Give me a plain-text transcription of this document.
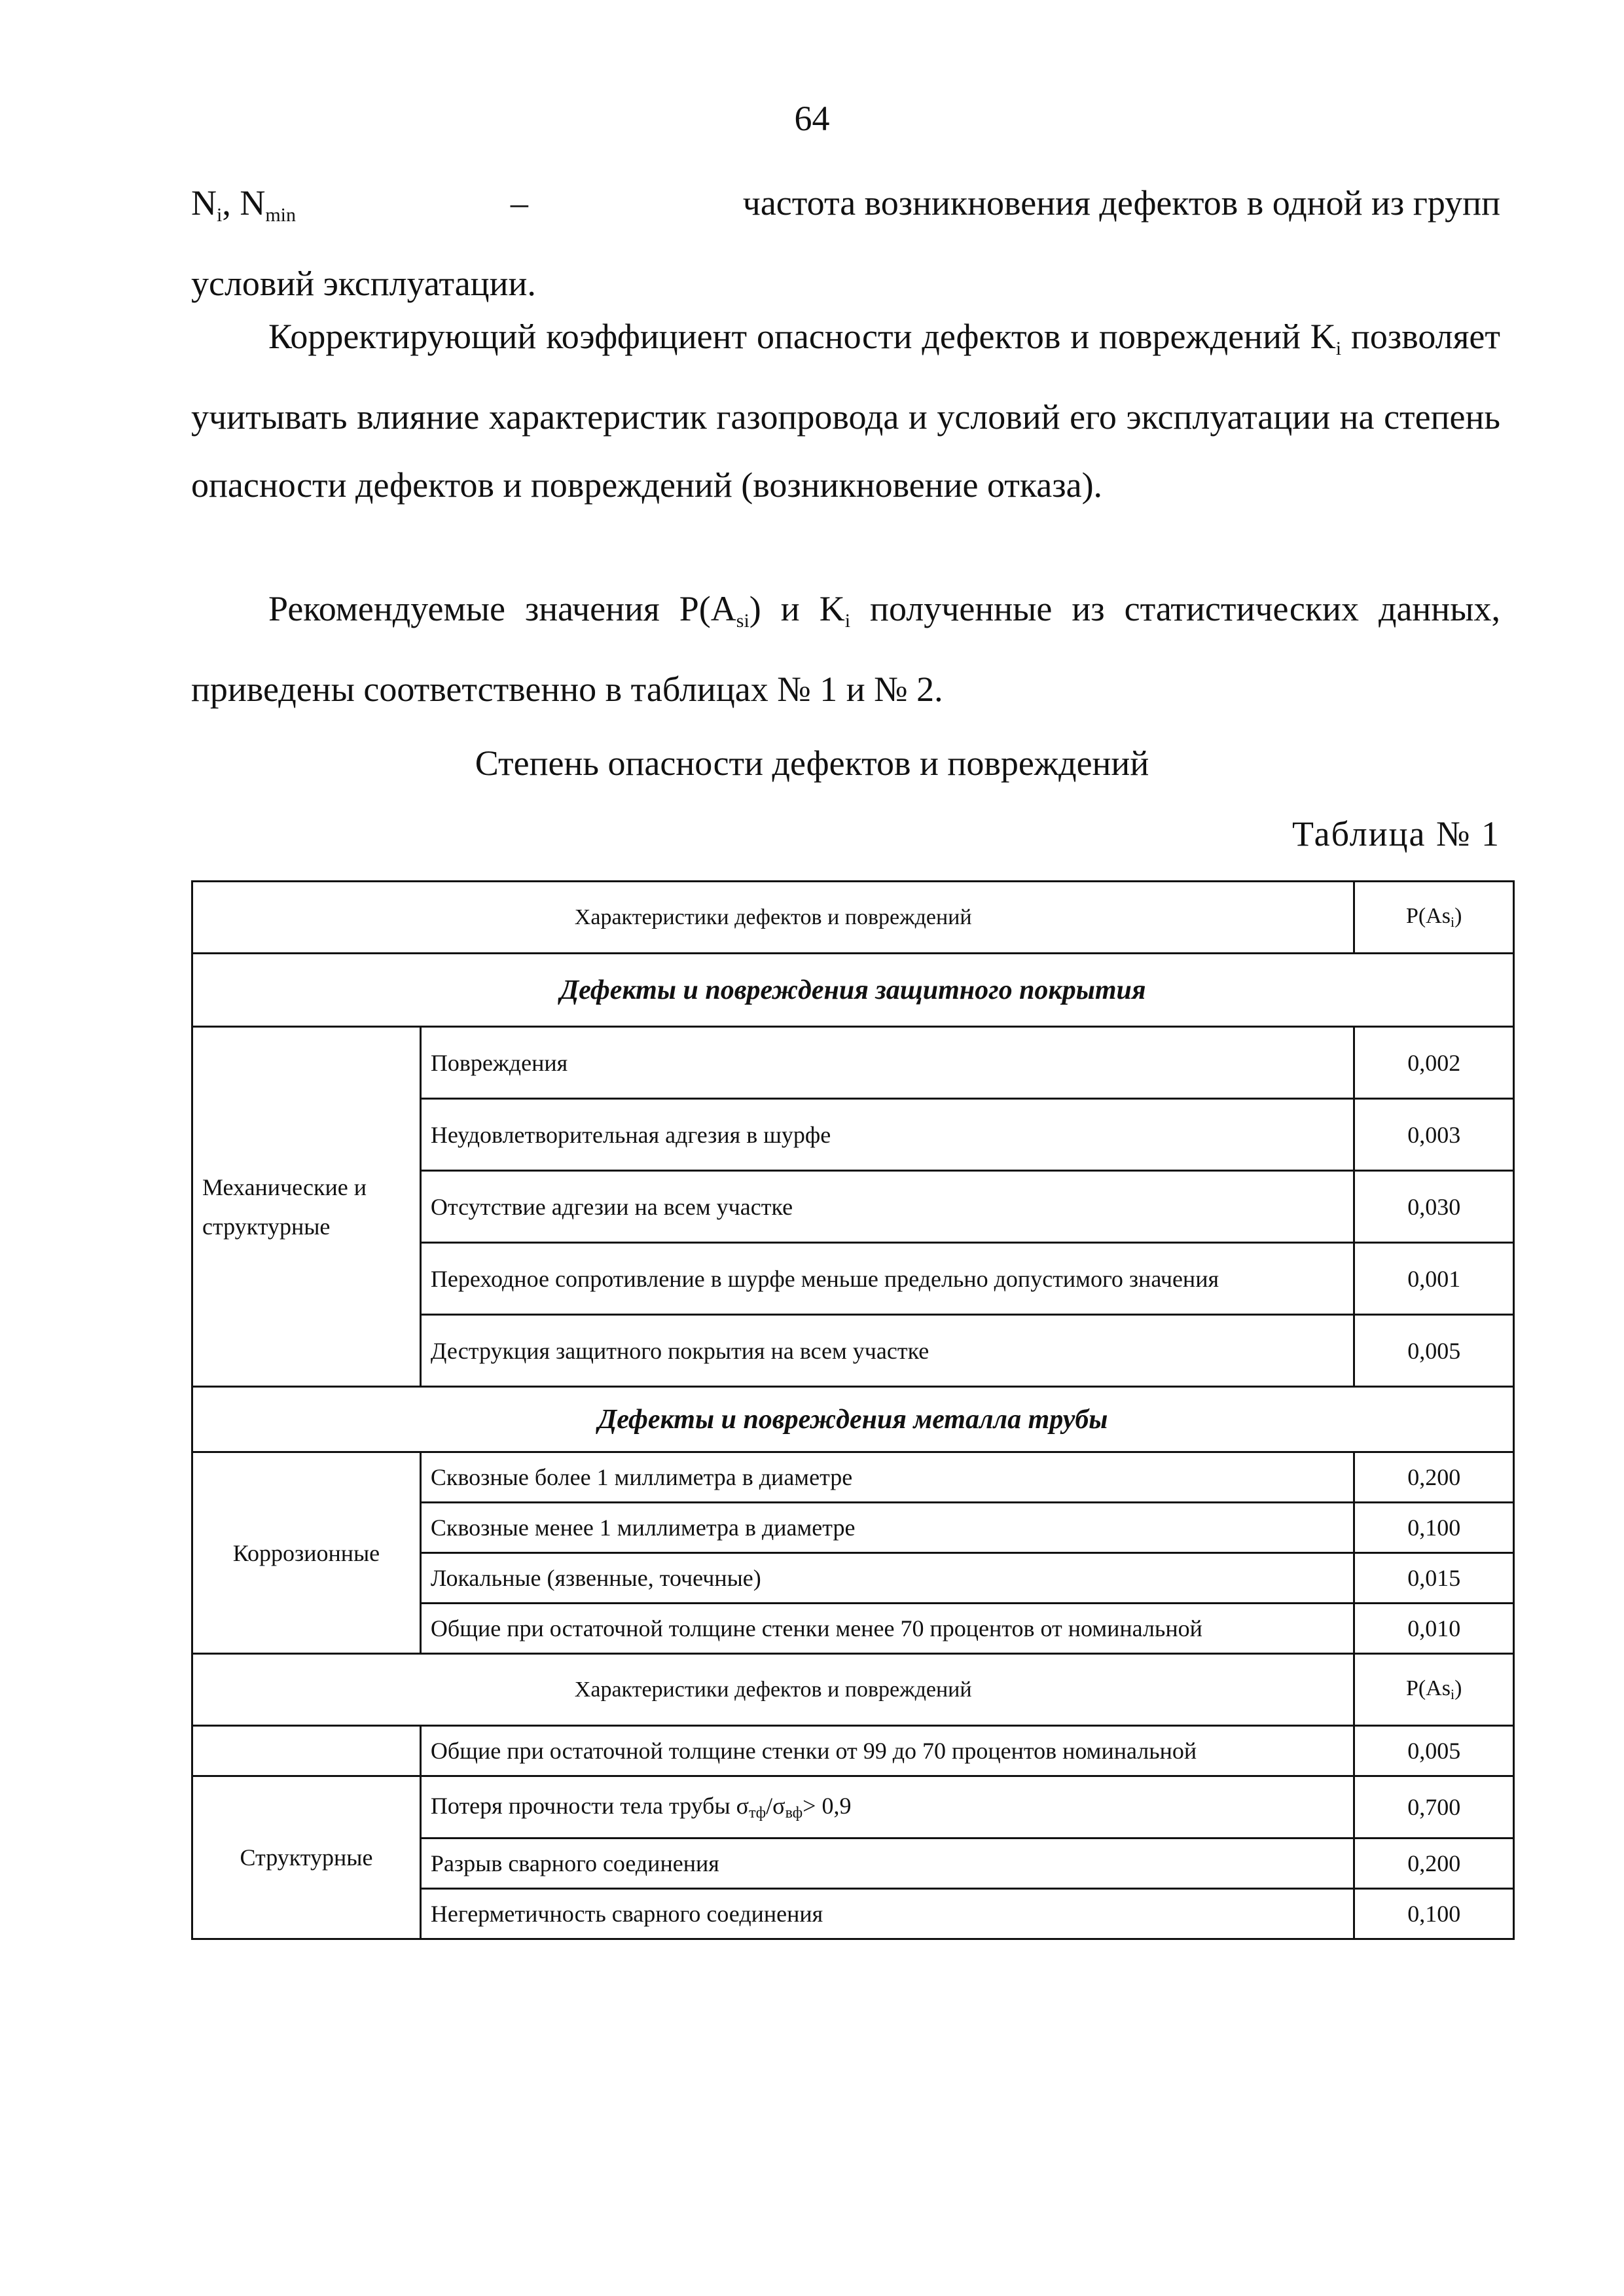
64
$N_i$, $N_{min}$	–	частота возникновения дефектов в одной из групп
условий эксплуатации.
Корректирующий коэффициент опасности дефектов и повреждений $K_i$ позволяет учитывать влияние характеристик газопровода и условий его эксплуатации на степень опасности дефектов и повреждений (возникновение отказа).
Рекомендуемые значения $P(A_{si})$ и $K_i$ полученные из статистических данных, приведены соответственно в таблицах № 1 и № 2.
Степень опасности дефектов и повреждений
Таблица № 1
Характеристики дефектов и повреждений		P(Asi)
Дефекты и повреждения защитного покрытия		
Механические и структурные	Повреждения	0,002
	Неудовлетворительная адгезия в шурфе	0,003
	Отсутствие адгезии на всем участке	0,030
	Переходное сопротивление в шурфе меньше предельно допустимого значения	0,001
	Деструкция защитного покрытия на всем участке	0,005
Дефекты и повреждения металла трубы		
Коррозионные	Сквозные более 1 миллиметра в диаметре	0,200
	Сквозные менее 1 миллиметра в диаметре	0,100
	Локальные (язвенные, точечные)	0,015
	Общие при остаточной толщине стенки менее 70 процентов от номинальной	0,010
Характеристики дефектов и повреждений		P(Asi)
	Общие при остаточной толщине стенки от 99 до 70 процентов номинальной	0,005
Структурные	Потеря прочности тела трубы σтф/σвф> 0,9	0,700
	Разрыв сварного соединения	0,200
	Негерметичность сварного соединения	0,100
